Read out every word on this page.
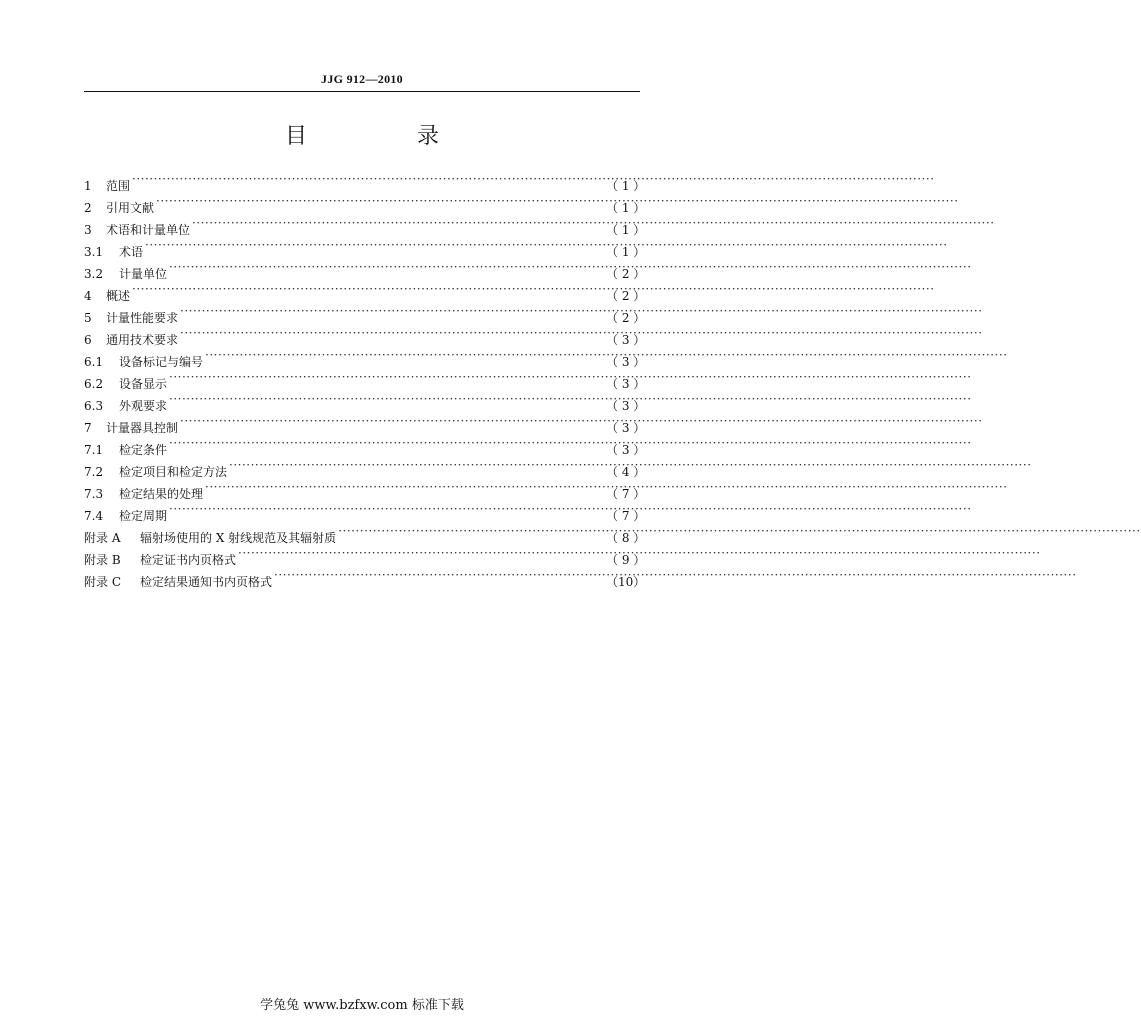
JJG 912—2010
目　录
1	范围 ·····	（ 1 ）
2	引用文献 ·····	（ 1 ）
3	术语和计量单位 ·····	（ 1 ）
3.1	术语 ·····	（ 1 ）
3.2	计量单位 ·····	（ 2 ）
4	概述 ·····	（ 2 ）
5	计量性能要求 ·····	（ 2 ）
6	通用技术要求 ·····	（ 3 ）
6.1	设备标记与编号 ·····	（ 3 ）
6.2	设备显示 ·····	（ 3 ）
6.3	外观要求 ·····	（ 3 ）
7	计量器具控制 ·····	（ 3 ）
7.1	检定条件 ·····	（ 3 ）
7.2	检定项目和检定方法 ·····	（ 4 ）
7.3	检定结果的处理 ·····	（ 7 ）
7.4	检定周期 ·····	（ 7 ）
附录 A	辐射场使用的 X 射线规范及其辐射质 ·····	（ 8 ）
附录 B	检定证书内页格式 ·····	（ 9 ）
附录 C	检定结果通知书内页格式 ·····	（10）
学兔兔 www.bzfxw.com 标准下载
